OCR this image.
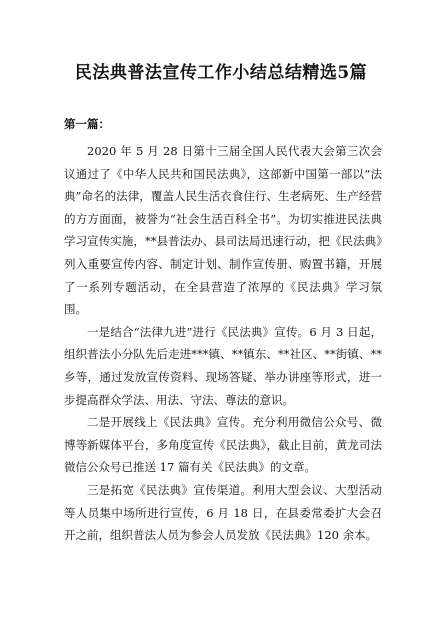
民法典普法宣传工作小结总结精选5篇
第一篇：

2020 年 5 月 28 日第十三届全国人民代表大会第三次会议通过了《中华人民共和国民法典》，这部新中国第一部以“法典”命名的法律，覆盖人民生活衣食住行、生老病死、生产经营的方方面面，被誉为“社会生活百科全书”。为切实推进民法典学习宣传实施，**县普法办、县司法局迅速行动，把《民法典》列入重要宣传内容、制定计划、制作宣传册、购置书籍，开展了一系列专题活动，在全县营造了浓厚的《民法典》学习氛围。

一是结合“法律九进”进行《民法典》宣传。6 月 3 日起，组织普法小分队先后走进***镇、**镇东、**社区、**街镇、**乡等，通过发放宣传资料、现场答疑、举办讲座等形式，进一步提高群众学法、用法、守法、尊法的意识。

二是开展线上《民法典》宣传。充分利用微信公众号、微博等新媒体平台，多角度宣传《民法典》，截止目前，黄龙司法微信公众号已推送 17 篇有关《民法典》的文章。

三是拓宽《民法典》宣传渠道。利用大型会议、大型活动等人员集中场所进行宣传，6 月 18 日，在县委常委扩大会召开之前，组织普法人员为参会人员发放《民法典》120 余本。
